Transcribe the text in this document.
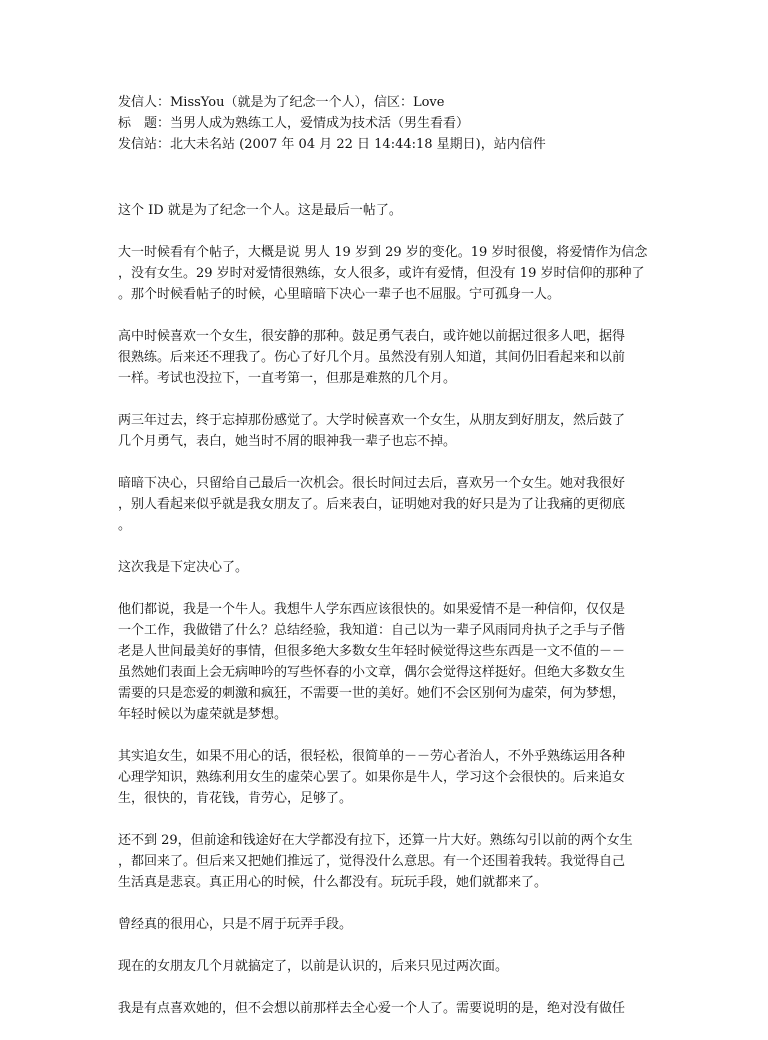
发信人：MissYou（就是为了纪念一个人），信区：Love

标　题：当男人成为熟练工人，爱情成为技术活（男生看看）

发信站：北大未名站 (2007 年 04 月 22 日 14:44:18 星期日)，站内信件

这个 ID 就是为了纪念一个人。这是最后一帖了。

大一时候看有个帖子，大概是说 男人 19 岁到 29 岁的变化。19 岁时很傻，将爱情作为信念
，没有女生。29 岁时对爱情很熟练，女人很多，或许有爱情，但没有 19 岁时信仰的那种了
。那个时候看帖子的时候，心里暗暗下决心一辈子也不屈服。宁可孤身一人。

高中时候喜欢一个女生，很安静的那种。鼓足勇气表白，或许她以前据过很多人吧，据得
很熟练。后来还不理我了。伤心了好几个月。虽然没有别人知道，其间仍旧看起来和以前
一样。考试也没拉下，一直考第一，但那是难熬的几个月。

两三年过去，终于忘掉那份感觉了。大学时候喜欢一个女生，从朋友到好朋友，然后鼓了
几个月勇气，表白，她当时不屑的眼神我一辈子也忘不掉。

暗暗下决心，只留给自己最后一次机会。很长时间过去后，喜欢另一个女生。她对我很好
，别人看起来似乎就是我女朋友了。后来表白，证明她对我的好只是为了让我痛的更彻底
。

这次我是下定决心了。

他们都说，我是一个牛人。我想牛人学东西应该很快的。如果爱情不是一种信仰，仅仅是
一个工作，我做错了什么？总结经验，我知道：自己以为一辈子风雨同舟执子之手与子偕
老是人世间最美好的事情，但很多绝大多数女生年轻时候觉得这些东西是一文不值的－－
虽然她们表面上会无病呻吟的写些怀春的小文章，偶尔会觉得这样挺好。但绝大多数女生
需要的只是恋爱的刺激和疯狂，不需要一世的美好。她们不会区别何为虚荣，何为梦想，
年轻时候以为虚荣就是梦想。

其实追女生，如果不用心的话，很轻松，很简单的－－劳心者治人，不外乎熟练运用各种
心理学知识，熟练利用女生的虚荣心罢了。如果你是牛人，学习这个会很快的。后来追女
生，很快的，肯花钱，肯劳心，足够了。

还不到 29，但前途和钱途好在大学都没有拉下，还算一片大好。熟练勾引以前的两个女生
，都回来了。但后来又把她们推远了，觉得没什么意思。有一个还围着我转。我觉得自己
生活真是悲哀。真正用心的时候，什么都没有。玩玩手段，她们就都来了。

曾经真的很用心，只是不屑于玩弄手段。

现在的女朋友几个月就搞定了，以前是认识的，后来只见过两次面。

我是有点喜欢她的，但不会想以前那样去全心爱一个人了。需要说明的是，绝对没有做任
